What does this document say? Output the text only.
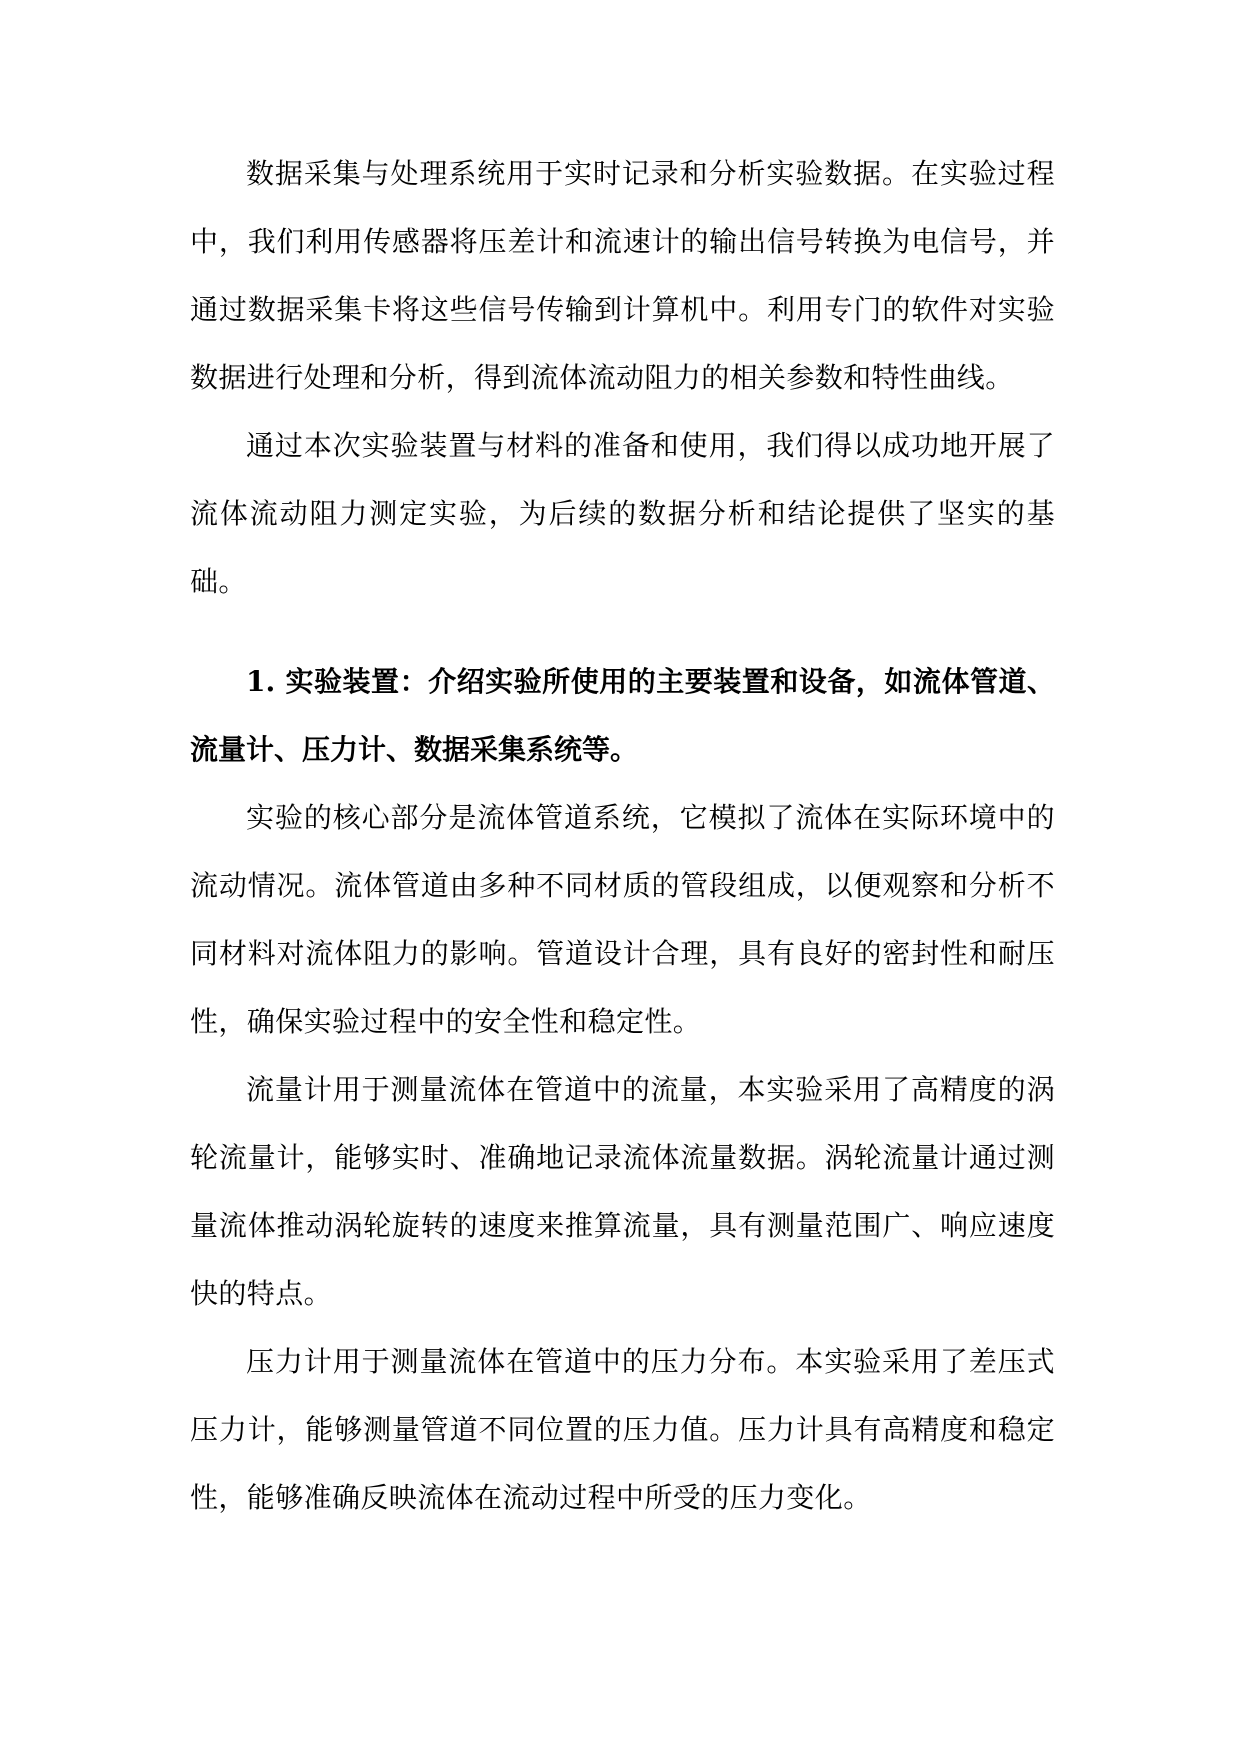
数据采集与处理系统用于实时记录和分析实验数据。在实验过程中，我们利用传感器将压差计和流速计的输出信号转换为电信号，并通过数据采集卡将这些信号传输到计算机中。利用专门的软件对实验数据进行处理和分析，得到流体流动阻力的相关参数和特性曲线。

通过本次实验装置与材料的准备和使用，我们得以成功地开展了流体流动阻力测定实验，为后续的数据分析和结论提供了坚实的基础。

1. 实验装置：介绍实验所使用的主要装置和设备，如流体管道、流量计、压力计、数据采集系统等。

实验的核心部分是流体管道系统，它模拟了流体在实际环境中的流动情况。流体管道由多种不同材质的管段组成，以便观察和分析不同材料对流体阻力的影响。管道设计合理，具有良好的密封性和耐压性，确保实验过程中的安全性和稳定性。

流量计用于测量流体在管道中的流量，本实验采用了高精度的涡轮流量计，能够实时、准确地记录流体流量数据。涡轮流量计通过测量流体推动涡轮旋转的速度来推算流量，具有测量范围广、响应速度快的特点。

压力计用于测量流体在管道中的压力分布。本实验采用了差压式压力计，能够测量管道不同位置的压力值。压力计具有高精度和稳定性，能够准确反映流体在流动过程中所受的压力变化。
